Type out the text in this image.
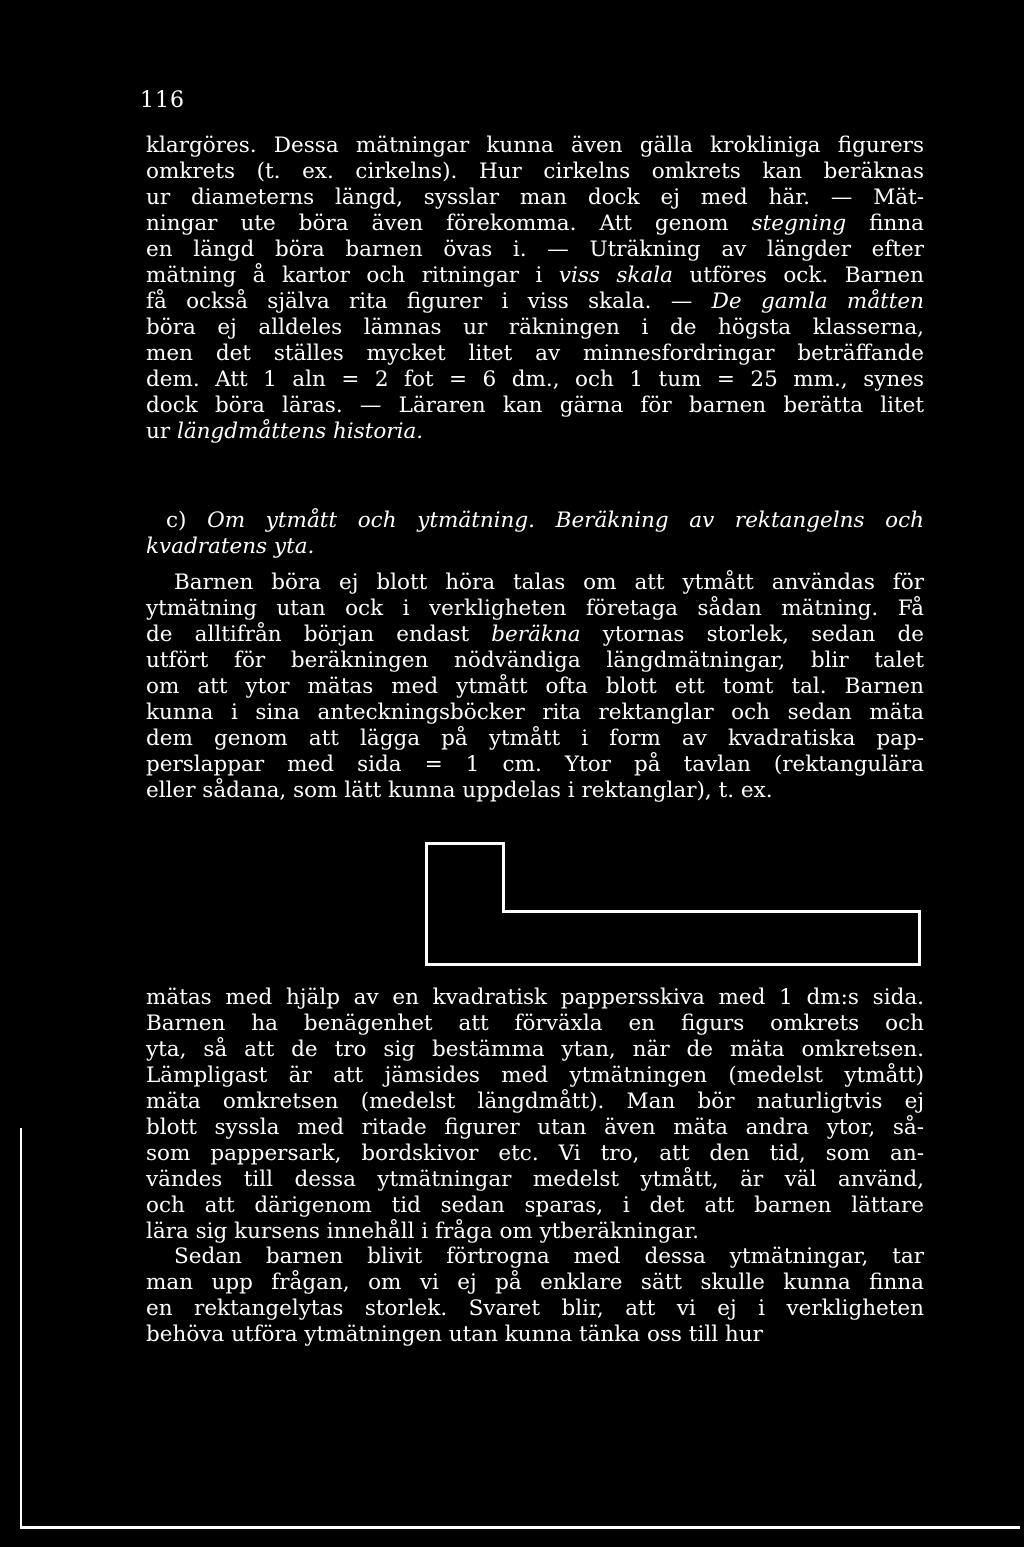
116
klargöres. Dessa mätningar kunna även gälla krokliniga figurers
omkrets (t. ex. cirkelns). Hur cirkelns omkrets kan beräknas
ur diameterns längd, sysslar man dock ej med här. — Mät-
ningar ute böra även förekomma. Att genom stegning finna
en längd böra barnen övas i. — Uträkning av längder efter
mätning å kartor och ritningar i viss skala utföres ock. Barnen
få också själva rita figurer i viss skala. — De gamla måtten
böra ej alldeles lämnas ur räkningen i de högsta klasserna,
men det ställes mycket litet av minnesfordringar beträffande
dem. Att 1 aln = 2 fot = 6 dm., och 1 tum = 25 mm., synes
dock böra läras. — Läraren kan gärna för barnen berätta litet
ur längdmåttens historia.
c) Om ytmått och ytmätning. Beräkning av rektangelns och
kvadratens yta.
Barnen böra ej blott höra talas om att ytmått användas för
ytmätning utan ock i verkligheten företaga sådan mätning. Få
de alltifrån början endast beräkna ytornas storlek, sedan de
utfört för beräkningen nödvändiga längdmätningar, blir talet
om att ytor mätas med ytmått ofta blott ett tomt tal. Barnen
kunna i sina anteckningsböcker rita rektanglar och sedan mäta
dem genom att lägga på ytmått i form av kvadratiska pap-
perslappar med sida = 1 cm. Ytor på tavlan (rektangulära
eller sådana, som lätt kunna uppdelas i rektanglar), t. ex.
mätas med hjälp av en kvadratisk pappersskiva med 1 dm:s sida.
Barnen ha benägenhet att förväxla en figurs omkrets och
yta, så att de tro sig bestämma ytan, när de mäta omkretsen.
Lämpligast är att jämsides med ytmätningen (medelst ytmått)
mäta omkretsen (medelst längdmått). Man bör naturligtvis ej
blott syssla med ritade figurer utan även mäta andra ytor, så-
som pappersark, bordskivor etc. Vi tro, att den tid, som an-
vändes till dessa ytmätningar medelst ytmått, är väl använd,
och att därigenom tid sedan sparas, i det att barnen lättare
lära sig kursens innehåll i fråga om ytberäkningar.
Sedan barnen blivit förtrogna med dessa ytmätningar, tar
man upp frågan, om vi ej på enklare sätt skulle kunna finna
en rektangelytas storlek. Svaret blir, att vi ej i verkligheten
behöva utföra ytmätningen utan kunna tänka oss till hur
